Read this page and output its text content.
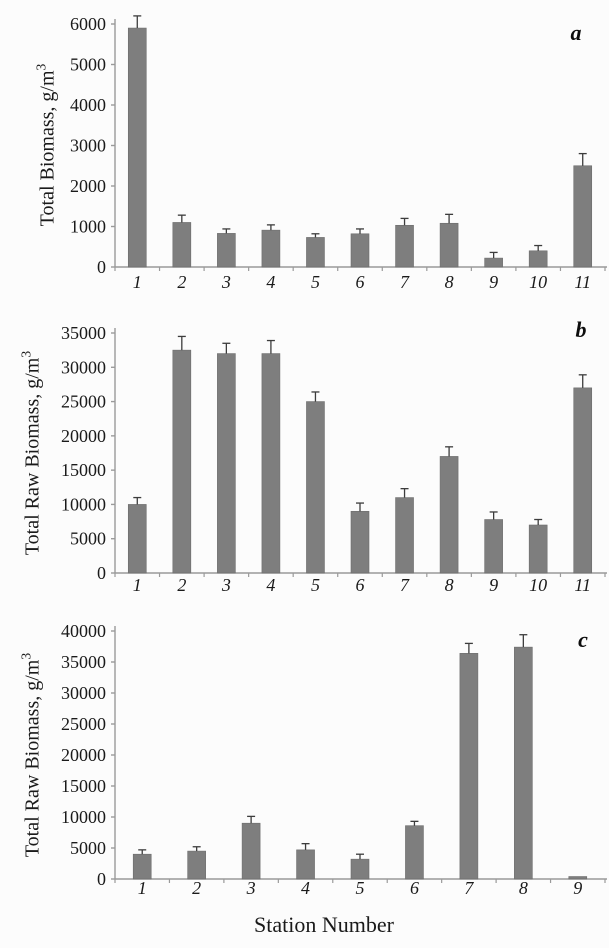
0
1000
2000
3000
4000
5000
6000
1 2 3 4 5 6 7 8 9 10 11
Total Biomass, $g/m^3$
a
0
5000
10000
15000
20000
25000
30000
35000
1 2 3 4 5 6 7 8 9 10 11
Total Raw Biomass, $g/m^3$
b
0
5000
10000
15000
20000
25000
30000
35000
40000
1	2	3	4	5	6	7	8	9
Total Raw Biomass, $g/m^3$
c
Station Number
